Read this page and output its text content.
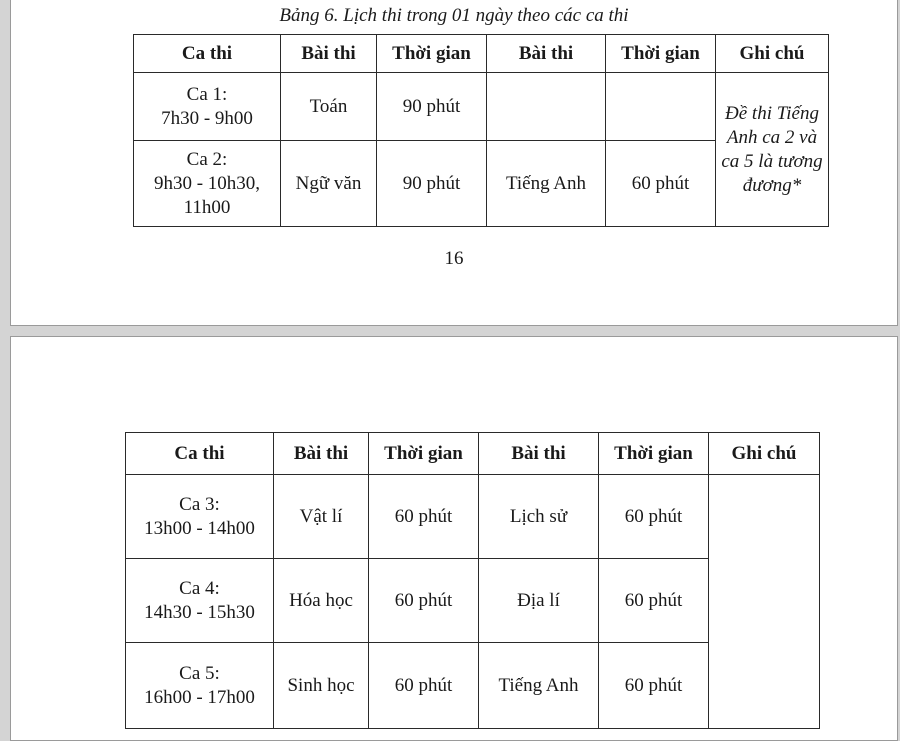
Bảng 6. Lịch thi trong 01 ngày theo các ca thi
Ca thi	Bài thi	Thời gian	Bài thi	Thời gian	Ghi chú

Ca 1:
7h30 - 9h00	Toán	90 phút			Đề thi Tiếng Anh ca 2 và ca 5 là tương đương*

Ca 2:
9h30 - 10h30, 11h00	Ngữ văn	90 phút	Tiếng Anh	60 phút	
16
Ca thi	Bài thi	Thời gian	Bài thi	Thời gian	Ghi chú

Ca 3:
13h00 - 14h00	Vật lí	60 phút	Lịch sử	60 phút	

Ca 4:
14h30 - 15h30	Hóa học	60 phút	Địa lí	60 phút	

Ca 5:
16h00 - 17h00	Sinh học	60 phút	Tiếng Anh	60 phút	
